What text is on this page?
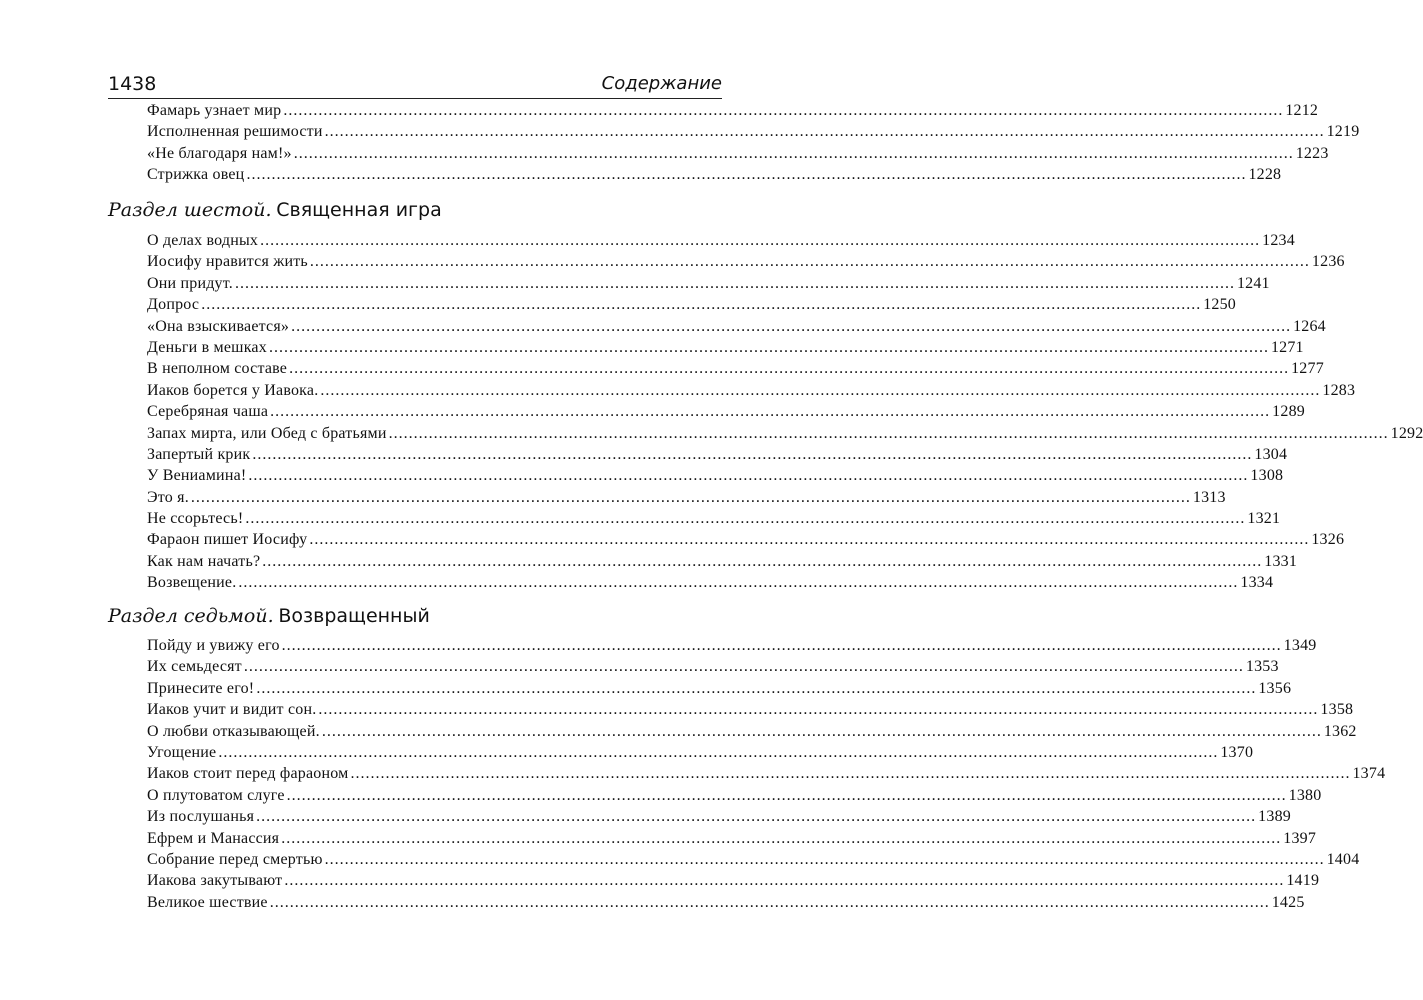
1438	Содержание
Фамарь узнает мир ........................................................................................................................................................................................................ 1212
Исполненная решимости ........................................................................................................................................................................................................ 1219
«Не благодаря нам!» ........................................................................................................................................................................................................ 1223
Стрижка овец ........................................................................................................................................................................................................ 1228
Раздел шестой. Священная игра
О делах водных ........................................................................................................................................................................................................ 1234
Иосифу нравится жить ........................................................................................................................................................................................................ 1236
Они придут. ........................................................................................................................................................................................................ 1241
Допрос ........................................................................................................................................................................................................ 1250
«Она взыскивается» ........................................................................................................................................................................................................ 1264
Деньги в мешках ........................................................................................................................................................................................................ 1271
В неполном составе ........................................................................................................................................................................................................ 1277
Иаков борется у Иавока. ........................................................................................................................................................................................................ 1283
Серебряная чаша ........................................................................................................................................................................................................ 1289
Запах мирта, или Обед с братьями ........................................................................................................................................................................................................ 1292
Запертый крик ........................................................................................................................................................................................................ 1304
У Вениамина! ........................................................................................................................................................................................................ 1308
Это я. ........................................................................................................................................................................................................ 1313
Не ссорьтесь! ........................................................................................................................................................................................................ 1321
Фараон пишет Иосифу ........................................................................................................................................................................................................ 1326
Как нам начать? ........................................................................................................................................................................................................ 1331
Возвещение. ........................................................................................................................................................................................................ 1334
Раздел седьмой. Возвращенный
Пойду и увижу его ........................................................................................................................................................................................................ 1349
Их семьдесят ........................................................................................................................................................................................................ 1353
Принесите его! ........................................................................................................................................................................................................ 1356
Иаков учит и видит сон. ........................................................................................................................................................................................................ 1358
О любви отказывающей. ........................................................................................................................................................................................................ 1362
Угощение ........................................................................................................................................................................................................ 1370
Иаков стоит перед фараоном ........................................................................................................................................................................................................ 1374
О плутоватом слуге ........................................................................................................................................................................................................ 1380
Из послушанья ........................................................................................................................................................................................................ 1389
Ефрем и Манассия ........................................................................................................................................................................................................ 1397
Собрание перед смертью ........................................................................................................................................................................................................ 1404
Иакова закутывают ........................................................................................................................................................................................................ 1419
Великое шествие ........................................................................................................................................................................................................ 1425
